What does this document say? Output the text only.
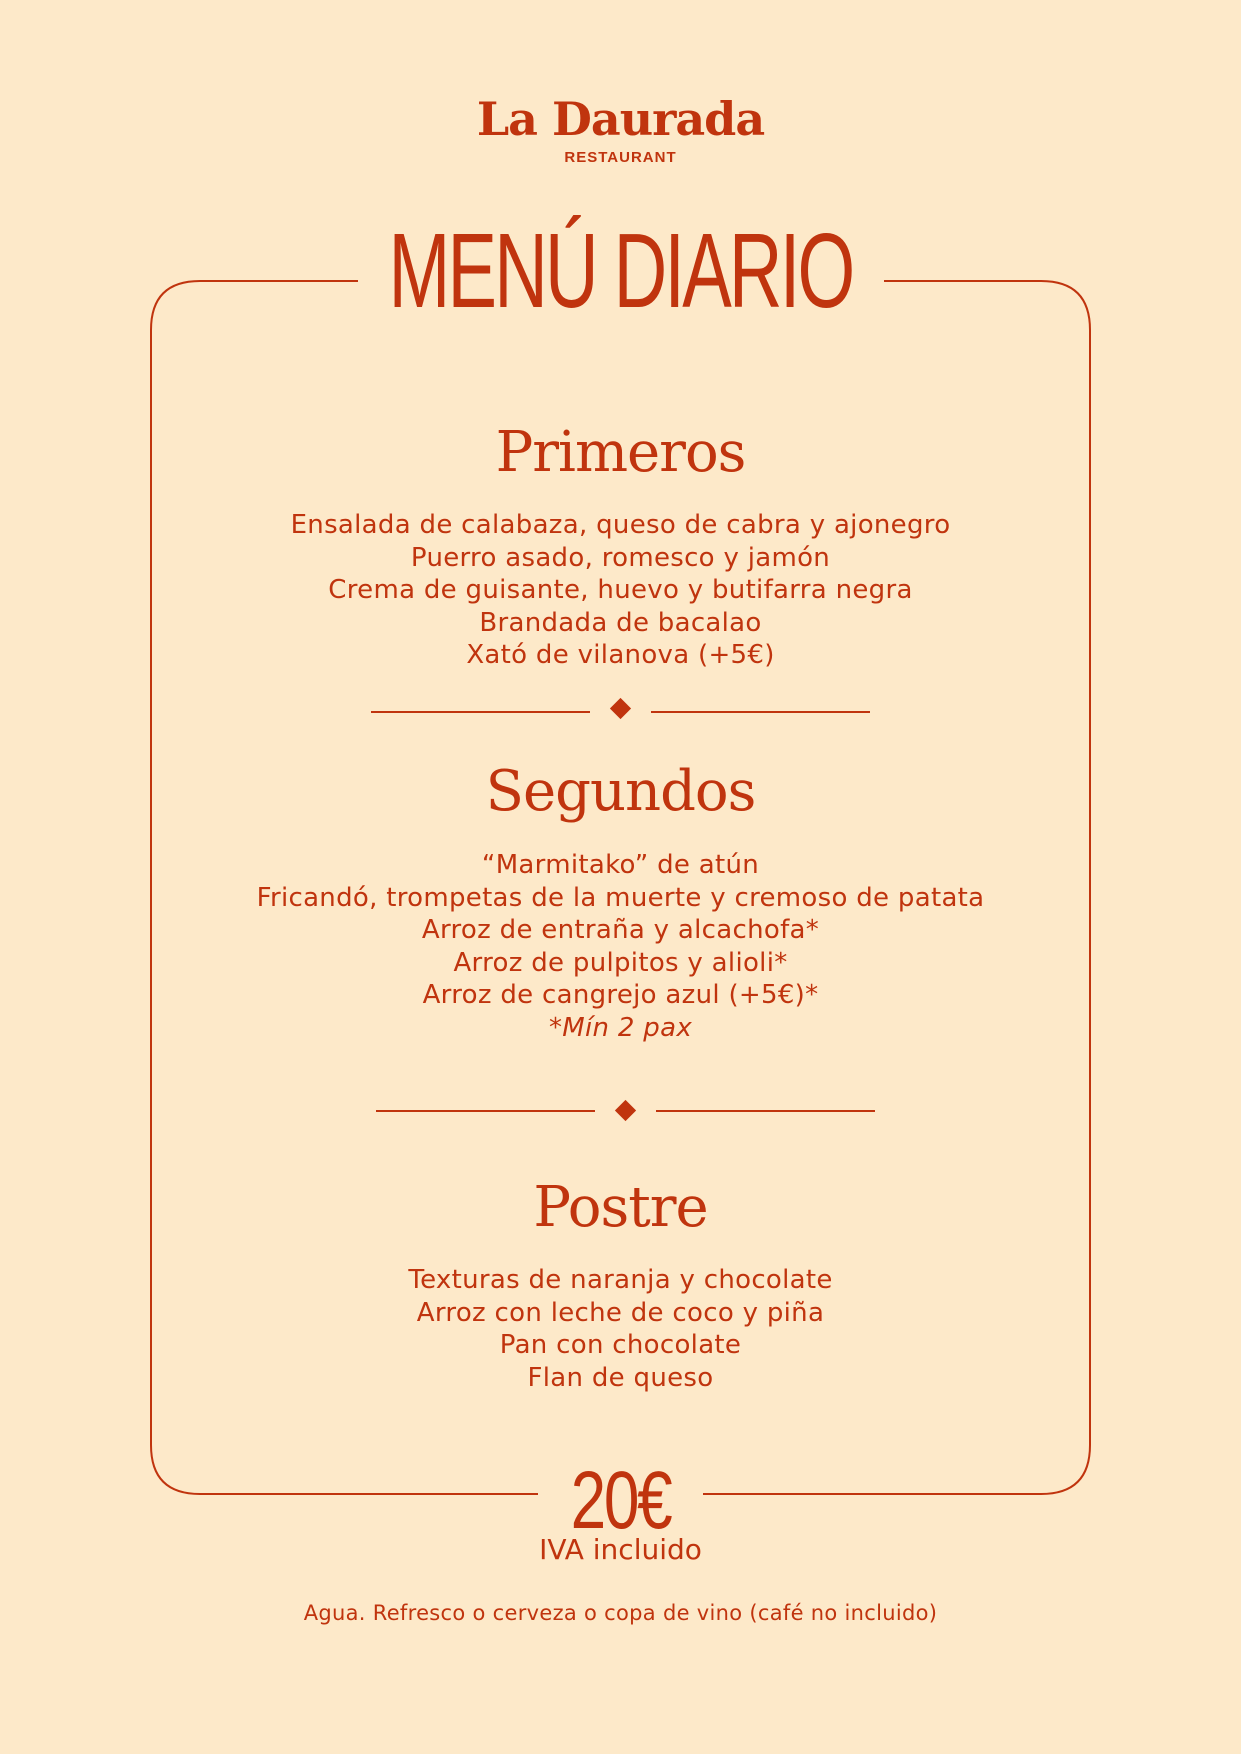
La Daurada
RESTAURANT
MENÚ DIARIO
Primeros
Ensalada de calabaza, queso de cabra y ajonegro
Puerro asado, romesco y jamón
Crema de guisante, huevo y butifarra negra
Brandada de bacalao
Xató de vilanova (+5€)
Segundos
“Marmitako” de atún
Fricandó, trompetas de la muerte y cremoso de patata
Arroz de entraña y alcachofa*
Arroz de pulpitos y alioli*
Arroz de cangrejo azul (+5€)*
*Mín 2 pax
Postre
Texturas de naranja y chocolate
Arroz con leche de coco y piña
Pan con chocolate
Flan de queso
20€
IVA incluido
Agua. Refresco o cerveza o copa de vino (café no incluido)
